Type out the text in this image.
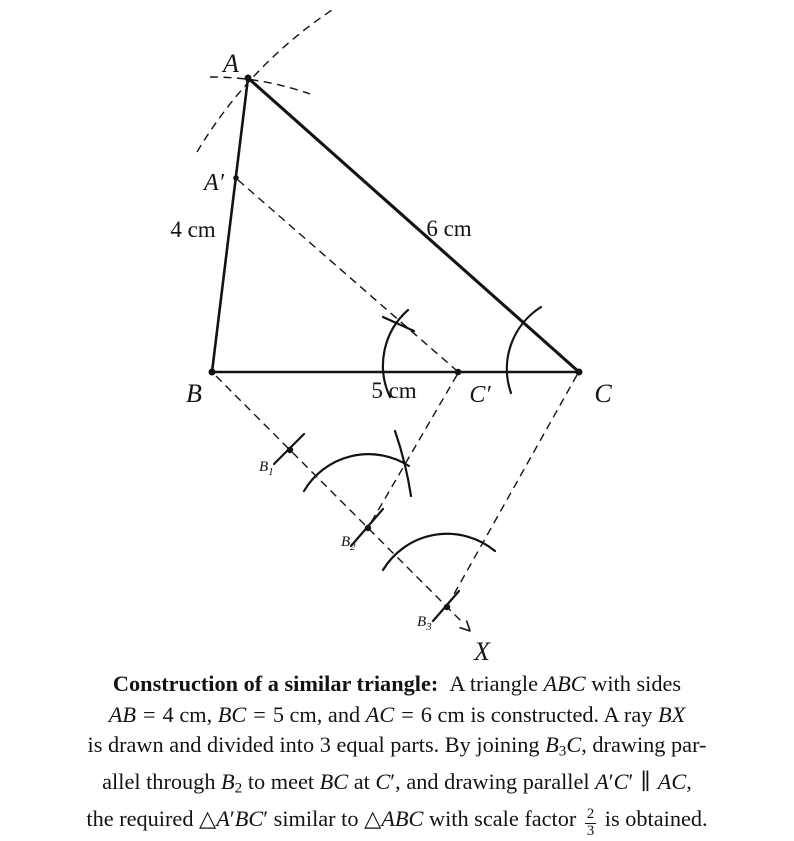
A
A′
B	C′	C
$B_1$
$B_2$
$B_3$
X
4 cm	6 cm
5 cm
Construction of a similar triangle:  A triangle ABC with sides
AB = 4 cm, BC = 5 cm, and AC = 6 cm is constructed. A ray BX
is drawn and divided into 3 equal parts. By joining $B_3C$, drawing par-
allel through $B_2$ to meet BC at C′, and drawing parallel A′C′ ∥ AC,
the required △A′BC′ similar to △ABC with scale factor $\frac{2}{3}$ is obtained.
